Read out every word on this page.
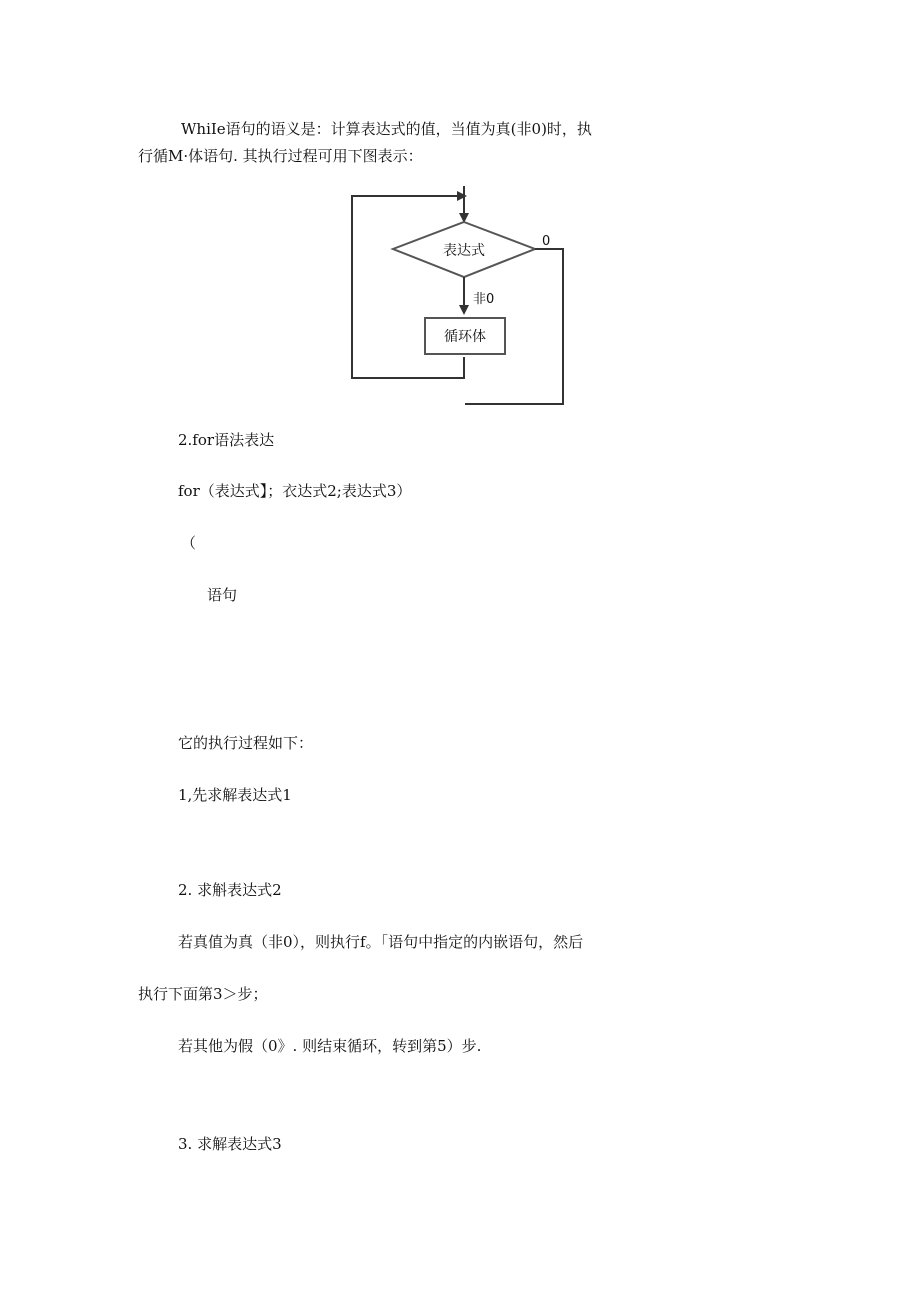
WhiIe语句的语义是：计算表达式的值，当值为真(非0)时，执

行循M·体语句. 其执行过程可用下图表示：

表达式
0
非0
循环体

2.for语法表达

for（表达式】；衣达式2;表达式3）

（

语句

它的执行过程如下：

1,先求解表达式1

2. 求斛表达式2

若真值为真（非0），则执行f。「语句中指定的内嵌语句，然后

执行下面第3＞步；

若其他为假（0》. 则结束循环，转到第5）步.

3. 求解表达式3
